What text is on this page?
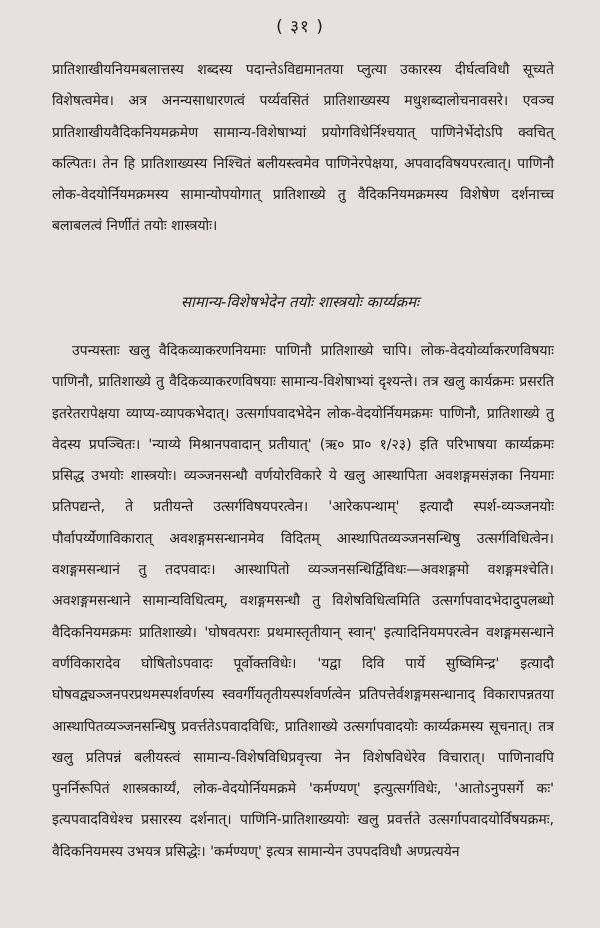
( ३१ )

प्रातिशाखीयनियमबलात्तस्य शब्दस्य पदान्तेऽविद्यमानतया प्लुत्या उकारस्य दीर्घत्वविधौ सूच्यते विशेषत्वमेव। अत्र अनन्यसाधारणत्वं पर्य्यवसितं प्रातिशाख्यस्य मधुशब्दालोचनावसरे। एवञ्च प्रातिशाखीयवैदिकनियमक्रमेण सामान्य-विशेषाभ्यां प्रयोगविधेर्निश्चयात् पाणिनेर्भेदोऽपि क्वचित् कल्पितः। तेन हि प्रातिशाख्यस्य निश्चितं बलीयस्त्वमेव पाणिनेरपेक्षया, अपवादविषयपरत्वात्। पाणिनौ लोक-वेदयोर्नियमक्रमस्य सामान्योपयोगात् प्रातिशाख्ये तु वैदिकनियमक्रमस्य विशेषेण दर्शनाच्च बलाबलत्वं निर्णीतं तयोः शास्त्रयोः।

सामान्य-विशेषभेदेन तयोः शास्त्रयोः कार्य्यक्रमः

उपन्यस्ताः खलु वैदिकव्याकरणनियमाः पाणिनौ प्रातिशाख्ये चापि। लोक-वेदयोर्व्याकरणविषयाः पाणिनौ, प्रातिशाख्ये तु वैदिकव्याकरणविषयाः सामान्य-विशेषाभ्यां दृश्यन्ते। तत्र खलु कार्यक्रमः प्रसरति इतरेतरापेक्षया व्याप्य-व्यापकभेदात्। उत्सर्गापवादभेदेन लोक-वेदयोर्नियमक्रमः पाणिनौ, प्रातिशाख्ये तु वेदस्य प्रपञ्चितः। 'न्याय्ये मिश्रानपवादान् प्रतीयात्' (ऋ० प्रा० १/२३) इति परिभाषया कार्य्यक्रमः प्रसिद्ध उभयोः शास्त्रयोः। व्यञ्जनसन्धौ वर्णयोरविकारे ये खलु आस्थापिता अवशङ्गमसंज्ञका नियमाः प्रतिपद्यन्ते, ते प्रतीयन्ते उत्सर्गविषयपरत्वेन। 'आरेकपन्थाम्' इत्यादौ स्पर्श-व्यञ्जनयोः पौर्वापर्य्येणाविकारात् अवशङ्गमसन्धानमेव विदितम् आस्थापितव्यञ्जनसन्धिषु उत्सर्गविधित्वेन। वशङ्गमसन्धानं तु तदपवादः। आस्थापितो व्यञ्जनसन्धिर्द्विविधः—अवशङ्गमो वशङ्गमश्चेति। अवशङ्गमसन्धाने सामान्यविधित्वम्, वशङ्गमसन्धौ तु विशेषविधित्वमिति उत्सर्गापवादभेदादुपलब्धो वैदिकनियमक्रमः प्रातिशाख्ये। 'घोषवत्पराः प्रथमास्तृतीयान् स्वान्' इत्यादिनियमपरत्वेन वशङ्गमसन्धाने वर्णविकारादेव घोषितोऽपवादः पूर्वोक्तविधेः। 'यद्वा दिवि पार्ये सुष्विमिन्द्र' इत्यादौ घोषवद्व्यञ्जनपरप्रथमस्पर्शवर्णस्य स्ववर्गीयतृतीयस्पर्शवर्णत्वेन प्रतिपत्तेर्वशङ्गमसन्धानाद् विकारापन्नतया आस्थापितव्यञ्जनसन्धिषु प्रवर्त्ततेऽपवादविधिः, प्रातिशाख्ये उत्सर्गापवादयोः कार्य्यक्रमस्य सूचनात्। तत्र खलु प्रतिपन्नं बलीयस्त्वं सामान्य-विशेषविधिप्रवृत्त्या नेन विशेषविधेरेव विचारात्। पाणिनावपि पुनर्निरूपितं शास्त्रकार्य्यं, लोक-वेदयोर्नियमक्रमे 'कर्मण्यण्' इत्युत्सर्गविधेः, 'आतोऽनुपसर्गे कः' इत्यपवादविधेश्च प्रसारस्य दर्शनात्। पाणिनि-प्रातिशाख्ययोः खलु प्रवर्त्तते उत्सर्गापवादयोर्विषयक्रमः, वैदिकनियमस्य उभयत्र प्रसिद्धेः। 'कर्मण्यण्' इत्यत्र सामान्येन उपपदविधौ अण्प्रत्ययेन
